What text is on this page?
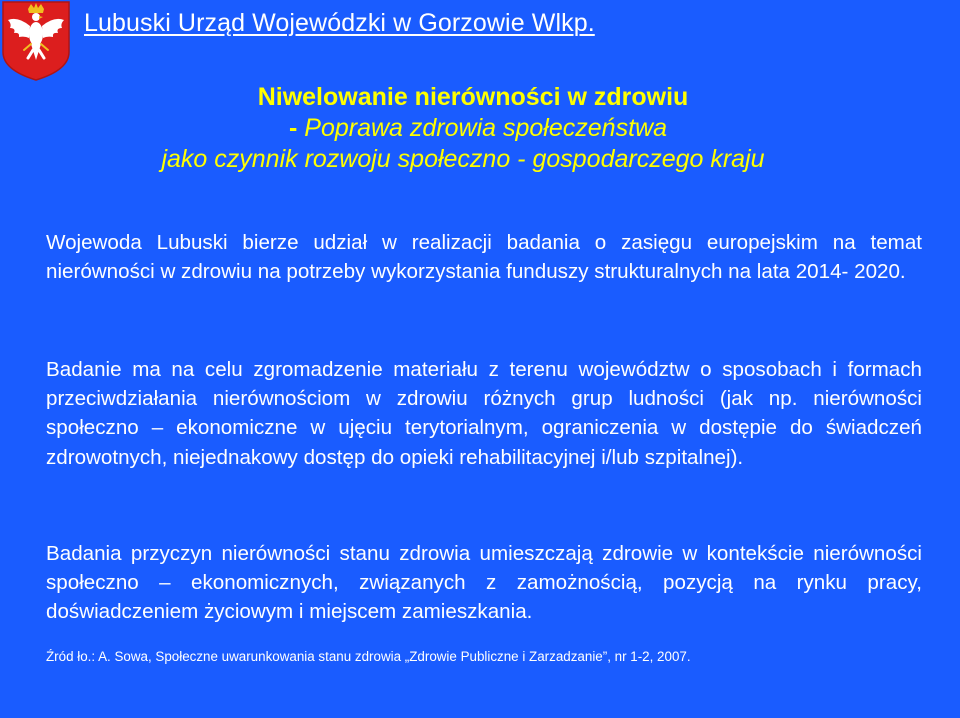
Lubuski Urząd Wojewódzki w Gorzowie Wlkp.
Niwelowanie nierówności w zdrowiu
- Poprawa zdrowia społeczeństwa
jako czynnik rozwoju społeczno - gospodarczego kraju

Wojewoda Lubuski bierze udział w realizacji badania o zasięgu europejskim na temat nierówności w zdrowiu na potrzeby wykorzystania funduszy strukturalnych na lata 2014- 2020.

Badanie ma na celu zgromadzenie materiału z terenu województw o sposobach i formach przeciwdziałania nierównościom w zdrowiu różnych grup ludności (jak np. nierówności społeczno – ekonomiczne w ujęciu terytorialnym, ograniczenia w dostępie do świadczeń zdrowotnych, niejednakowy dostęp do opieki rehabilitacyjnej i/lub szpitalnej).

Badania przyczyn nierówności stanu zdrowia umieszczają zdrowie w kontekście nierówności społeczno – ekonomicznych, związanych z zamożnością, pozycją na rynku pracy, doświadczeniem życiowym i miejscem zamieszkania.

Źród ło.: A. Sowa, Społeczne uwarunkowania stanu zdrowia „Zdrowie Publiczne i Zarzadzanie”, nr 1-2, 2007.
